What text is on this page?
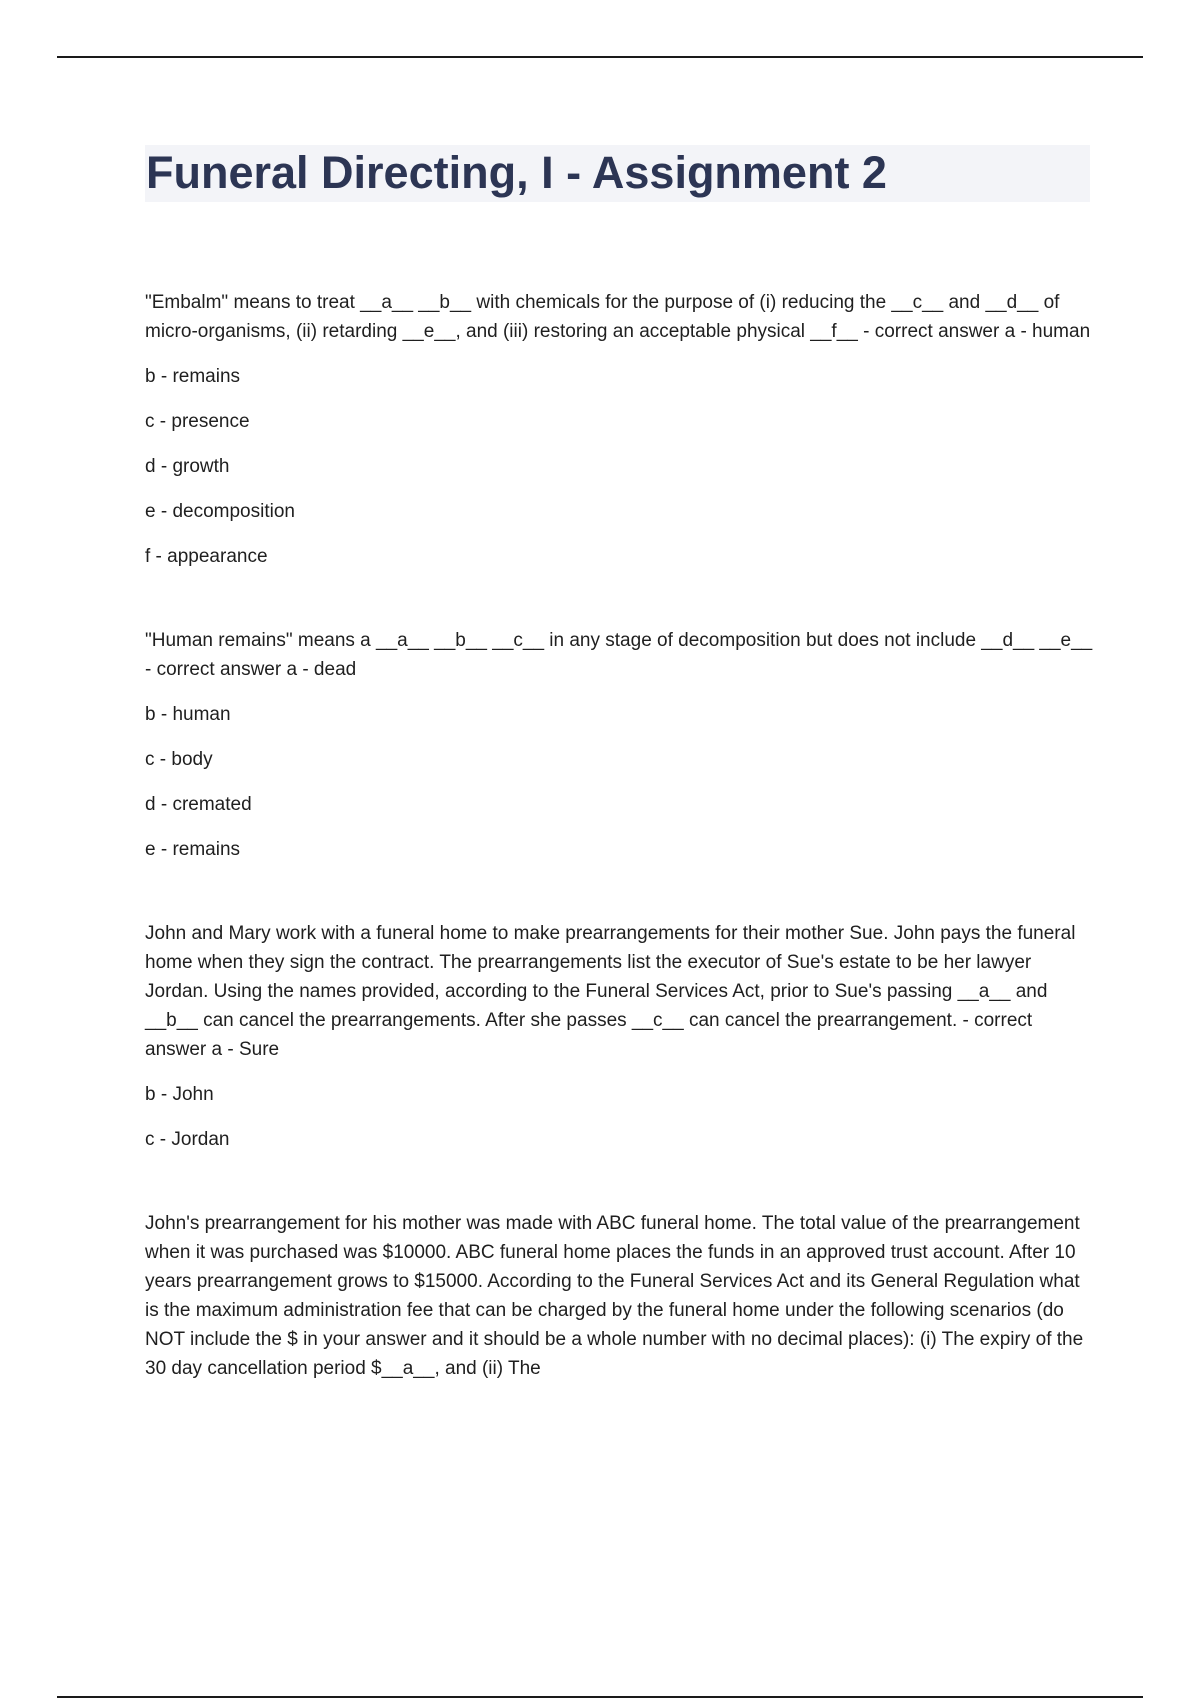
Funeral Directing, I - Assignment 2

"Embalm" means to treat __a__ __b__ with chemicals for the purpose of (i) reducing the __c__ and __d__ of micro-organisms, (ii) retarding __e__, and (iii) restoring an acceptable physical __f__ - correct answer a - human

b - remains

c - presence

d - growth

e - decomposition

f - appearance

"Human remains" means a __a__ __b__ __c__ in any stage of decomposition but does not include __d__ __e__ - correct answer a - dead

b - human

c - body

d - cremated

e - remains

John and Mary work with a funeral home to make prearrangements for their mother Sue. John pays the funeral home when they sign the contract. The prearrangements list the executor of Sue's estate to be her lawyer Jordan. Using the names provided, according to the Funeral Services Act, prior to Sue's passing __a__ and __b__ can cancel the prearrangements. After she passes __c__ can cancel the prearrangement. - correct answer a - Sure

b - John

c - Jordan

John's prearrangement for his mother was made with ABC funeral home. The total value of the prearrangement when it was purchased was $10000. ABC funeral home places the funds in an approved trust account. After 10 years prearrangement grows to $15000. According to the Funeral Services Act and its General Regulation what is the maximum administration fee that can be charged by the funeral home under the following scenarios (do NOT include the $ in your answer and it should be a whole number with no decimal places): (i) The expiry of the 30 day cancellation period $__a__, and (ii) The
